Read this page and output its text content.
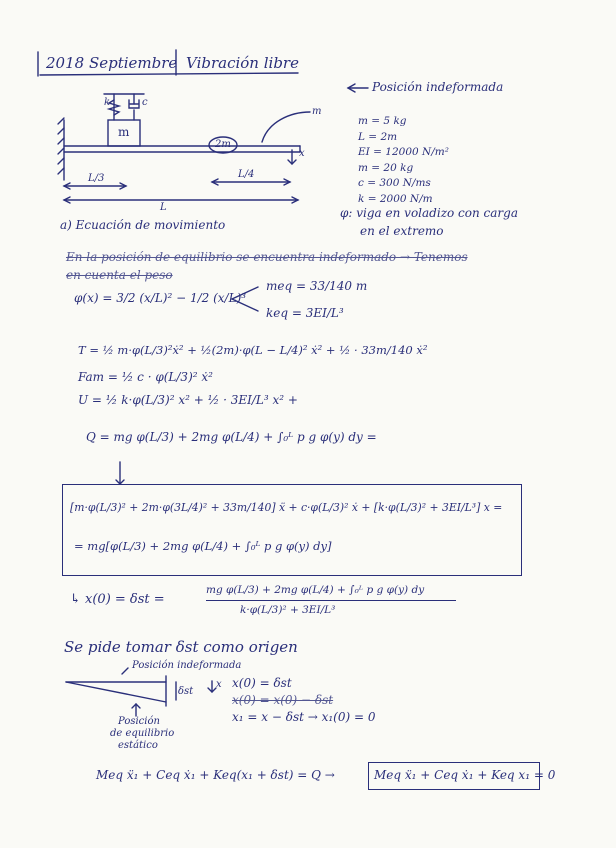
2018 Septiembre Vibración libre
Posición indeformada
k	c
m
2m
m
x
L/3	L/4
L
m = 5 kg
L = 2m
EI = 12000 N/m²
m = 20 kg
c = 300 N/ms
k = 2000 N/m
φ: viga en voladizo con carga
en el extremo
a) Ecuación de movimiento
En la posición de equilibrio se encuentra indeformado → Tenemos
en cuenta el peso
φ(x) = 3/2 (x/L)² − 1/2 (x/L)³
meq = 33/140 m
keq = 3EI/L³
T = ½ m·φ(L/3)²ẋ² + ½(2m)·φ(L − L/4)² ẋ² + ½ · 33m/140 ẋ²
Fam = ½ c · φ(L/3)² ẋ²
U = ½ k·φ(L/3)² x² + ½ · 3EI/L³ x² +
Q = mg φ(L/3) + 2mg φ(L/4) + ∫₀ᴸ p g φ(y) dy =
[m·φ(L/3)² + 2m·φ(3L/4)² + 33m/140] ẍ + c·φ(L/3)² ẋ + [k·φ(L/3)² + 3EI/L³] x =
= mg[φ(L/3) + 2mg φ(L/4) + ∫₀ᴸ p g φ(y) dy]
↳ x(0) = δst =
mg φ(L/3) + 2mg φ(L/4) + ∫₀ᴸ p g φ(y) dy
k·φ(L/3)² + 3EI/L³
Se pide tomar δst como origen
Posición indeformada
δst
x
Posición
de equilibrio
estático
x(0) = δst
x(0) = x(0) − δst
x₁ = x − δst → x₁(0) = 0
Meq ẍ₁ + Ceq ẋ₁ + Keq(x₁ + δst) = Q →	Meq ẍ₁ + Ceq ẋ₁ + Keq x₁ = 0
